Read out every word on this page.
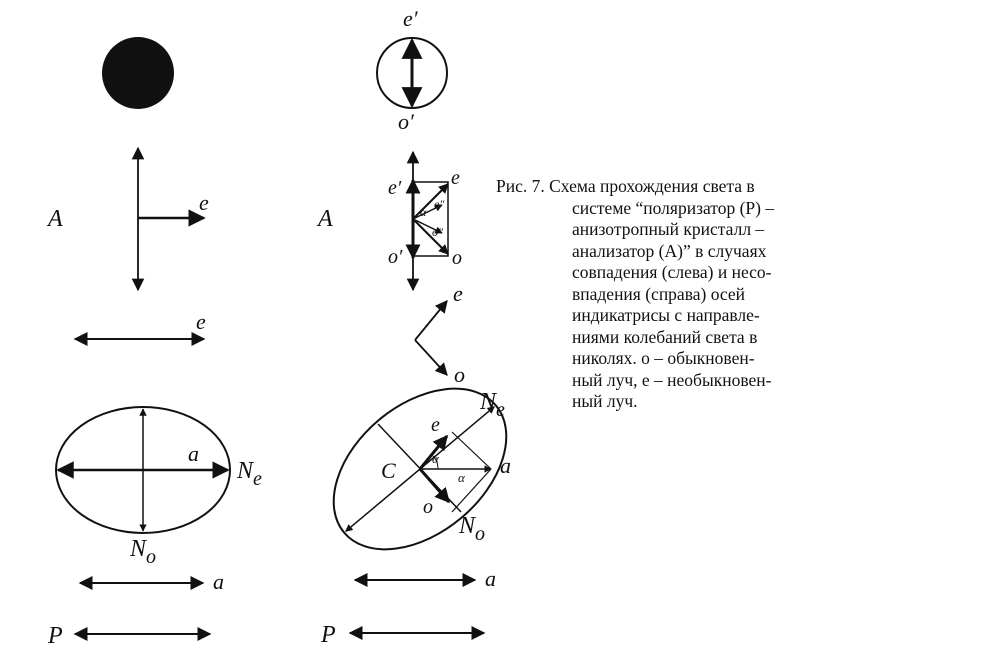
A
e
e
a
$N_e$
$N_o$
a
P
e′
o′
e′ e
α
e″
o″
o′ o
A
e
o
$N_e$
e
C	α	a
α
o
$N_o$
a
P
Рис. 7. Схема прохождения света в
системе “поляризатор (P) –
анизотропный кристалл –
анализатор (A)” в случаях
совпадения (слева) и несо-
впадения (справа) осей
индикатрисы с направле-
ниями колебаний света в
николях. o – обыкновен-
ный луч, e – необыкновен-
ный луч.
